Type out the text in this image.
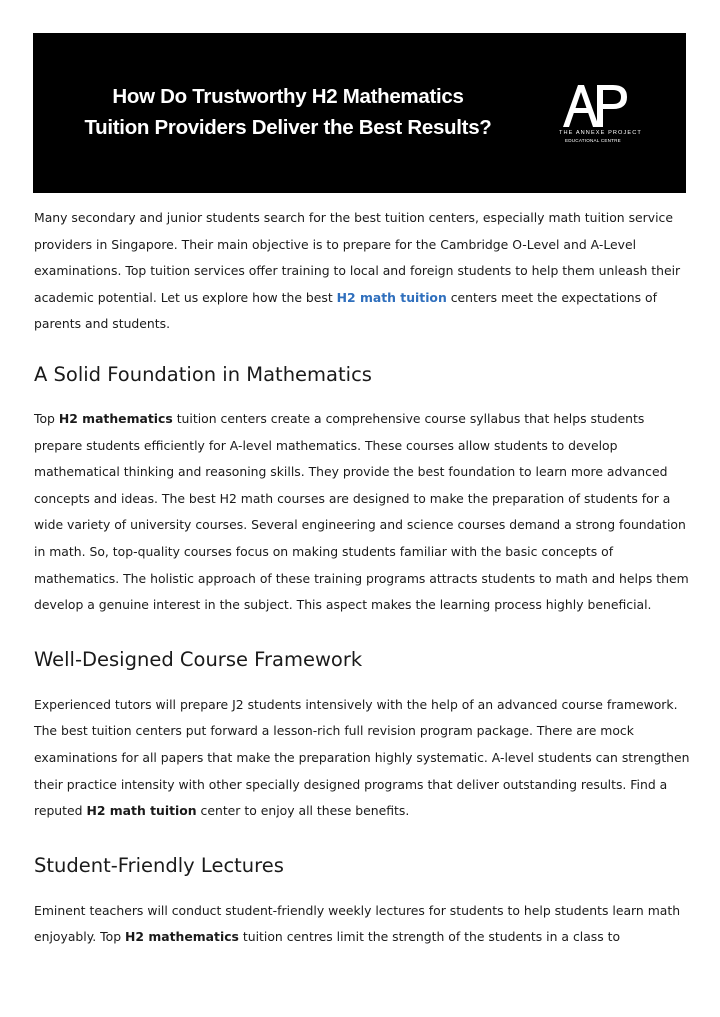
How Do Trustworthy H2 Mathematics
Tuition Providers Deliver the Best Results?	THE ANNEXE PROJECT
EDUCATIONAL CENTRE

Many secondary and junior students search for the best tuition centers, especially math tuition service providers in Singapore. Their main objective is to prepare for the Cambridge O-Level and A-Level examinations. Top tuition services offer training to local and foreign students to help them unleash their academic potential. Let us explore how the best H2 math tuition centers meet the expectations of parents and students.

A Solid Foundation in Mathematics

Top H2 mathematics tuition centers create a comprehensive course syllabus that helps students prepare students efficiently for A-level mathematics. These courses allow students to develop mathematical thinking and reasoning skills. They provide the best foundation to learn more advanced concepts and ideas. The best H2 math courses are designed to make the preparation of students for a wide variety of university courses. Several engineering and science courses demand a strong foundation in math. So, top-quality courses focus on making students familiar with the basic concepts of mathematics. The holistic approach of these training programs attracts students to math and helps them develop a genuine interest in the subject. This aspect makes the learning process highly beneficial.

Well-Designed Course Framework

Experienced tutors will prepare J2 students intensively with the help of an advanced course framework. The best tuition centers put forward a lesson-rich full revision program package. There are mock examinations for all papers that make the preparation highly systematic. A-level students can strengthen their practice intensity with other specially designed programs that deliver outstanding results. Find a reputed H2 math tuition center to enjoy all these benefits.

Student-Friendly Lectures

Eminent teachers will conduct student-friendly weekly lectures for students to help students learn math enjoyably. Top H2 mathematics tuition centres limit the strength of the students in a class to
